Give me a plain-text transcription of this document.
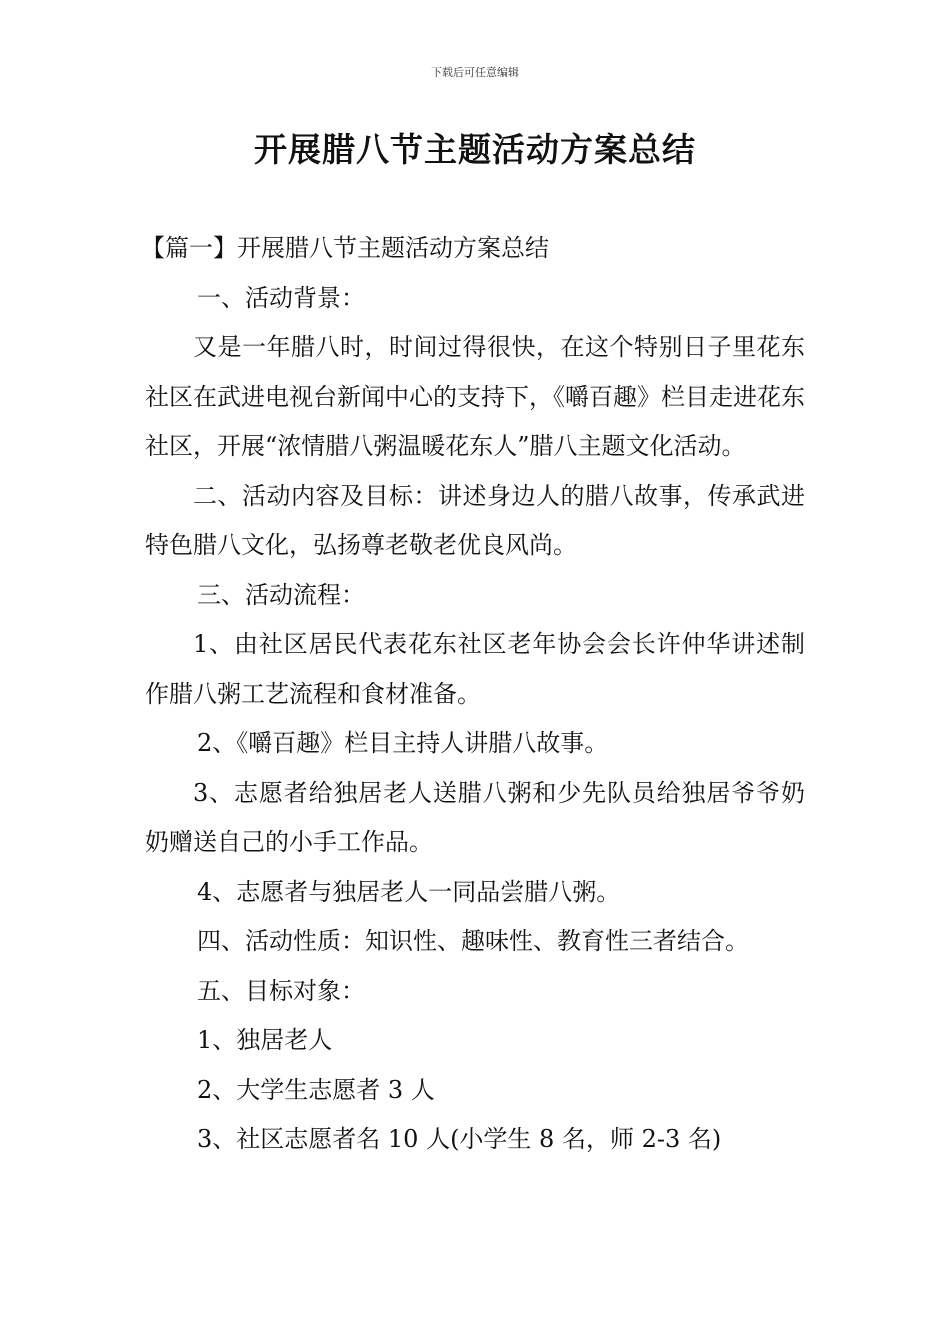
下载后可任意编辑
开展腊八节主题活动方案总结

【篇一】开展腊八节主题活动方案总结

一、活动背景：

又是一年腊八时，时间过得很快，在这个特别日子里花东社区在武进电视台新闻中心的支持下，《嚼百趣》栏目走进花东社区，开展“浓情腊八粥温暖花东人”腊八主题文化活动。

二、活动内容及目标：讲述身边人的腊八故事，传承武进特色腊八文化，弘扬尊老敬老优良风尚。

三、活动流程：

1、由社区居民代表花东社区老年协会会长许仲华讲述制作腊八粥工艺流程和食材准备。

2、《嚼百趣》栏目主持人讲腊八故事。

3、志愿者给独居老人送腊八粥和少先队员给独居爷爷奶奶赠送自己的小手工作品。

4、志愿者与独居老人一同品尝腊八粥。

四、活动性质：知识性、趣味性、教育性三者结合。

五、目标对象：

1、独居老人

2、大学生志愿者 3 人

3、社区志愿者名 10 人(小学生 8 名，师 2-3 名)
